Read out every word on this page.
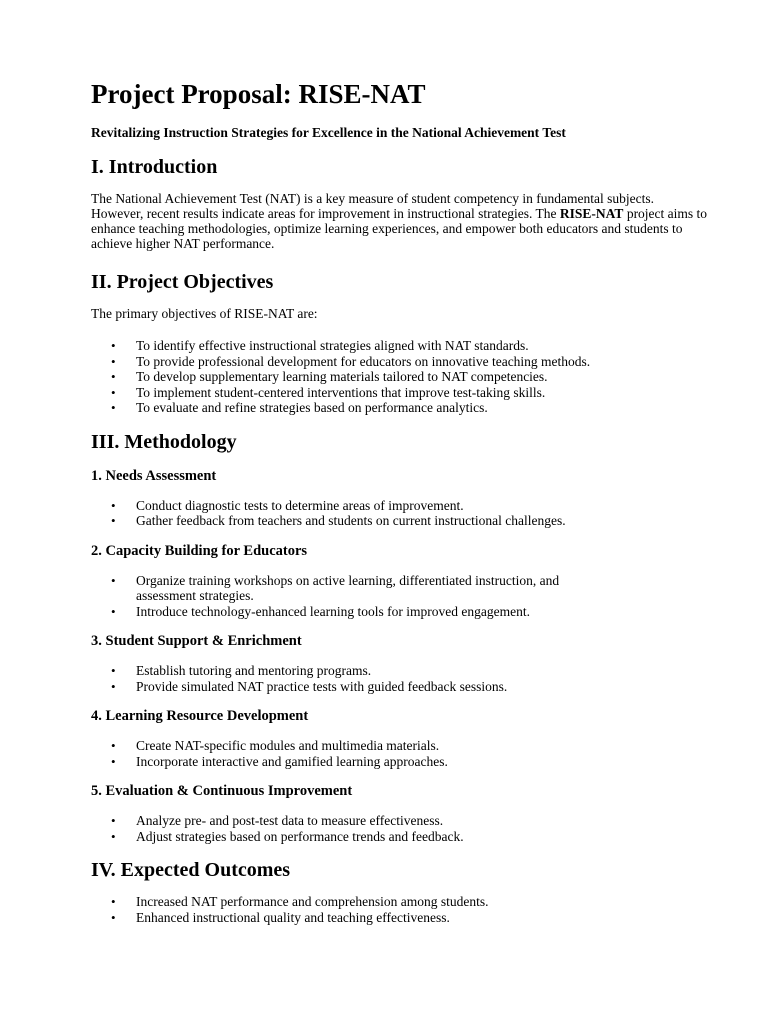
Project Proposal: RISE-NAT
Revitalizing Instruction Strategies for Excellence in the National Achievement Test
I. Introduction

The National Achievement Test (NAT) is a key measure of student competency in fundamental subjects. However, recent results indicate areas for improvement in instructional strategies. The RISE-NAT project aims to enhance teaching methodologies, optimize learning experiences, and empower both educators and students to achieve higher NAT performance.

II. Project Objectives

The primary objectives of RISE-NAT are:

• To identify effective instructional strategies aligned with NAT standards.
• To provide professional development for educators on innovative teaching methods.
• To develop supplementary learning materials tailored to NAT competencies.
• To implement student-centered interventions that improve test-taking skills.
• To evaluate and refine strategies based on performance analytics.
III. Methodology
1. Needs Assessment
• Conduct diagnostic tests to determine areas of improvement.
• Gather feedback from teachers and students on current instructional challenges.
2. Capacity Building for Educators
• Organize training workshops on active learning, differentiated instruction, and assessment strategies.
• Introduce technology-enhanced learning tools for improved engagement.
3. Student Support & Enrichment
• Establish tutoring and mentoring programs.
• Provide simulated NAT practice tests with guided feedback sessions.
4. Learning Resource Development
• Create NAT-specific modules and multimedia materials.
• Incorporate interactive and gamified learning approaches.
5. Evaluation & Continuous Improvement
• Analyze pre- and post-test data to measure effectiveness.
• Adjust strategies based on performance trends and feedback.
IV. Expected Outcomes
• Increased NAT performance and comprehension among students.
• Enhanced instructional quality and teaching effectiveness.
